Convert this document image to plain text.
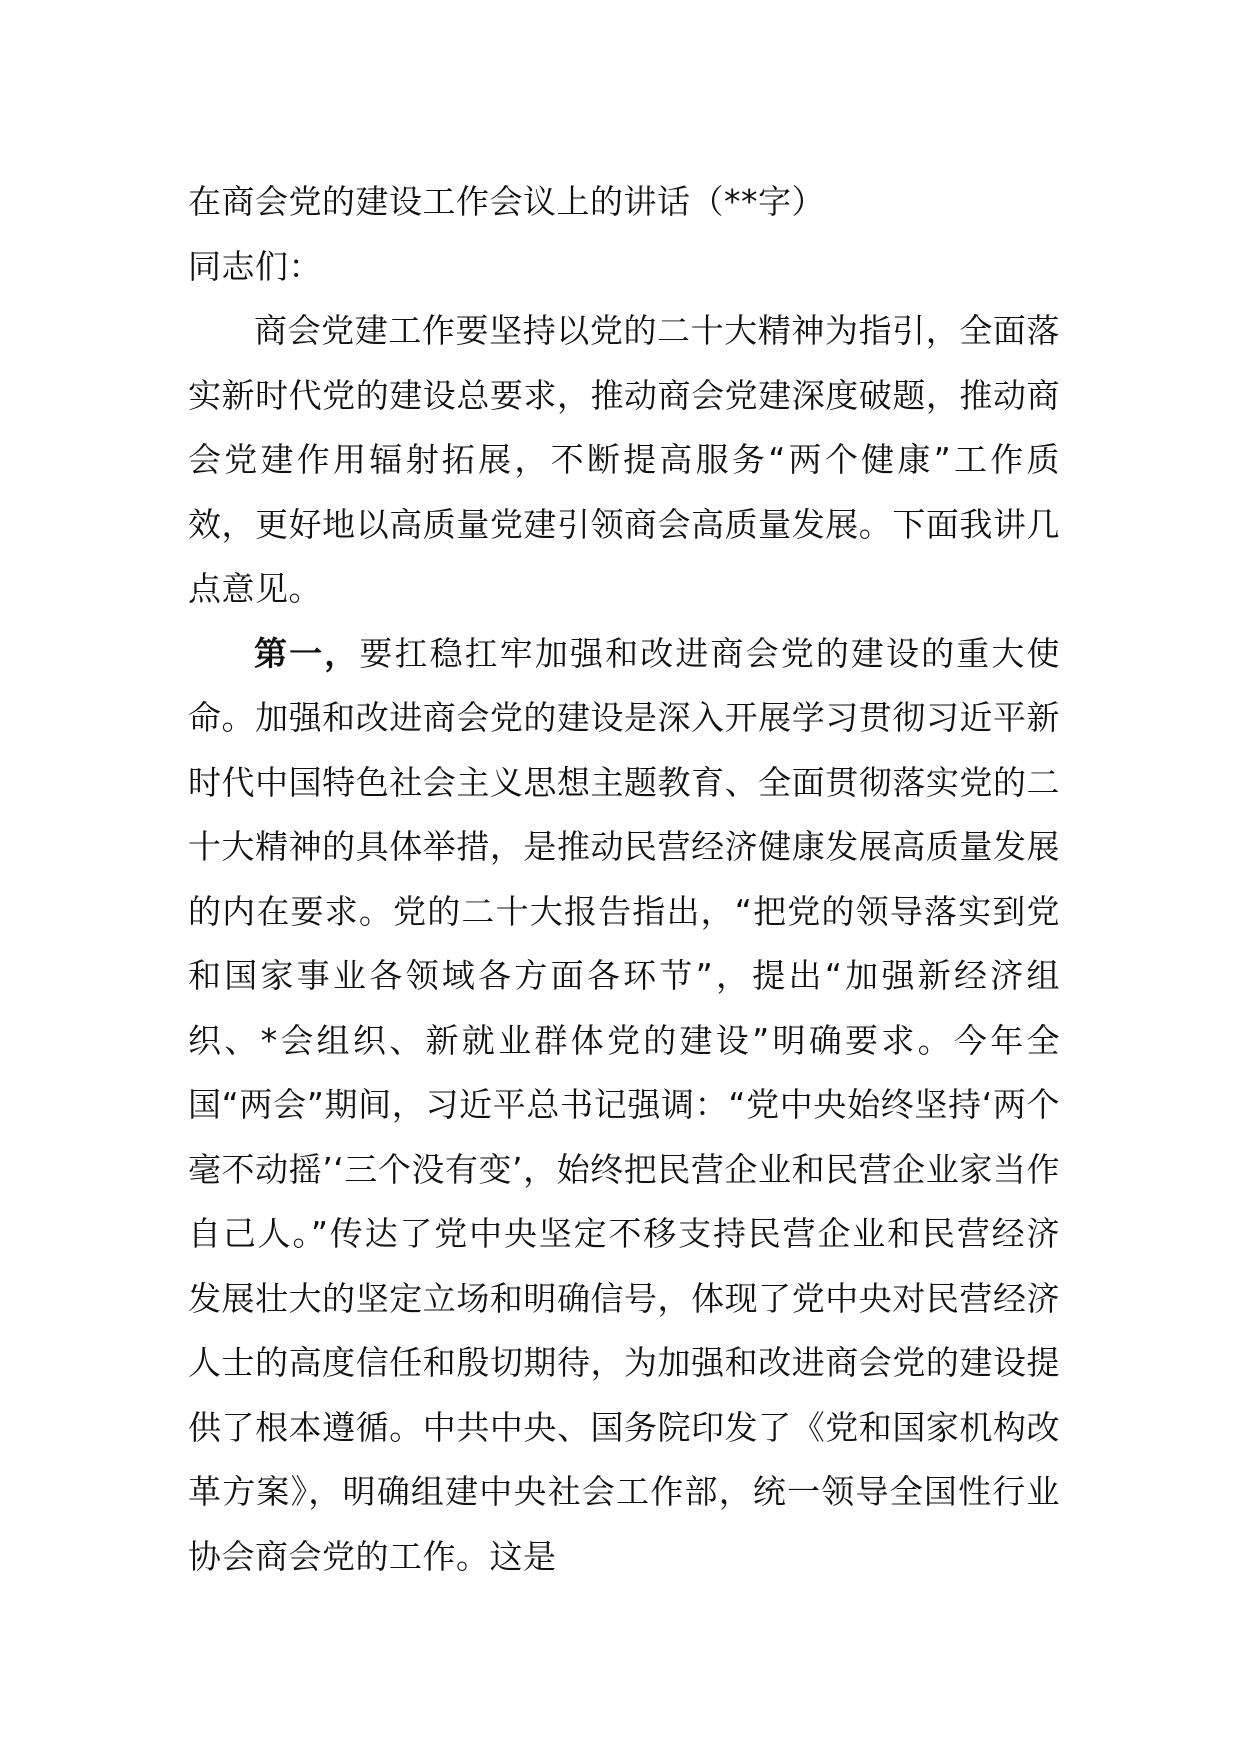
在商会党的建设工作会议上的讲话（**字）

同志们：

商会党建工作要坚持以党的二十大精神为指引，全面落实新时代党的建设总要求，推动商会党建深度破题，推动商会党建作用辐射拓展，不断提高服务“两个健康”工作质效，更好地以高质量党建引领商会高质量发展。下面我讲几点意见。

第一，要扛稳扛牢加强和改进商会党的建设的重大使命。加强和改进商会党的建设是深入开展学习贯彻习近平新时代中国特色社会主义思想主题教育、全面贯彻落实党的二十大精神的具体举措，是推动民营经济健康发展高质量发展的内在要求。党的二十大报告指出，“把党的领导落实到党和国家事业各领域各方面各环节”，提出“加强新经济组织、*会组织、新就业群体党的建设”明确要求。今年全国“两会”期间，习近平总书记强调：“党中央始终坚持‘两个毫不动摇’‘三个没有变’，始终把民营企业和民营企业家当作自己人。”传达了党中央坚定不移支持民营企业和民营经济发展壮大的坚定立场和明确信号，体现了党中央对民营经济人士的高度信任和殷切期待，为加强和改进商会党的建设提供了根本遵循。中共中央、国务院印发了《党和国家机构改革方案》，明确组建中央社会工作部，统一领导全国性行业协会商会党的工作。这是
